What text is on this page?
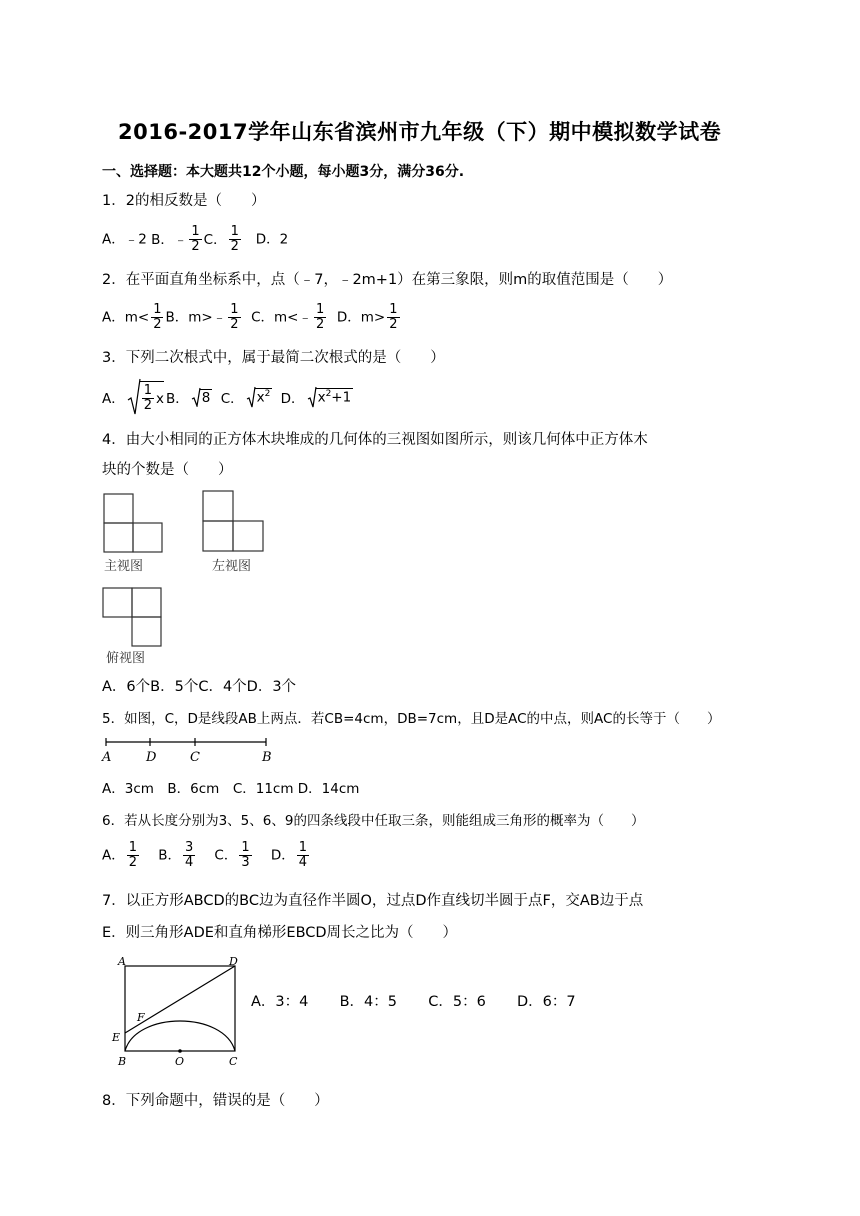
2016-2017学年山东省滨州市九年级（下）期中模拟数学试卷
一、选择题：本大题共12个小题，每小题3分，满分36分.
1．2的相反数是（　　）
A．﹣2 B．﹣ $\frac{1}{2}$ C． $\frac{1}{2}$ D．2
2．在平面直角坐标系中，点（﹣7，﹣2m+1）在第三象限，则m的取值范围是（　　）
A．$m< \frac{1}{2}$ B．m>﹣ $\frac{1}{2}$ C．m<﹣ $\frac{1}{2}$ D．$m> \frac{1}{2}$
3．下列二次根式中，属于最简二次根式的是（　　）
A． $\frac{1}{2}$ x B． 8
C． $x^2$
D． $x^2+1$
4．由大小相同的正方体木块堆成的几何体的三视图如图所示，则该几何体中正方体木
块的个数是（　　）
主视图	左视图
俯视图
A．6个B．5个C．4个D．3个
5．如图，C，D是线段AB上两点．若CB=4cm，DB=7cm，且D是AC的中点，则AC的长等于（　　）
A	D	C	B
A．3cm　B．6cm　C．11cm D．14cm
6．若从长度分别为3、5、6、9的四条线段中任取三条，则能组成三角形的概率为（　　）
A． $\frac{1}{2}$ B． $\frac{3}{4}$ C． $\frac{1}{3}$ D． $\frac{1}{4}$
7．以正方形ABCD的BC边为直径作半圆O，过点D作直线切半圆于点F，交AB边于点
E．则三角形ADE和直角梯形EBCD周长之比为（　　）
A	D
F
E
B	O	C
A．3：4 B．4：5 C．5：6 D．6：7
8．下列命题中，错误的是（　　）
